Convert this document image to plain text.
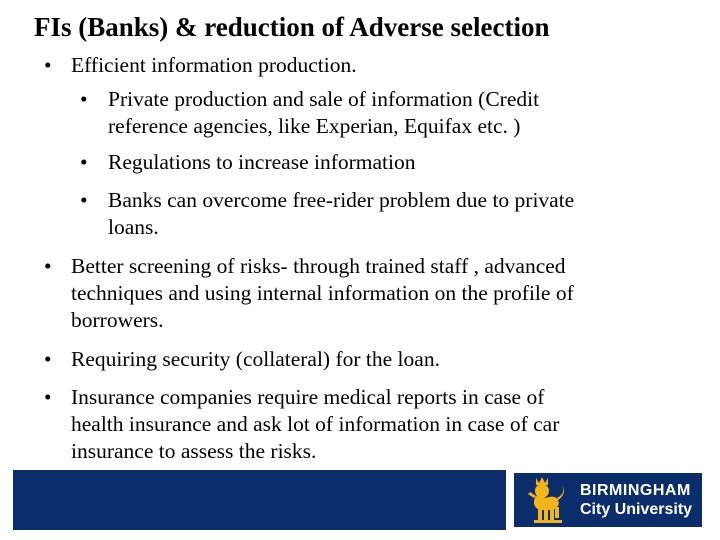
FIs (Banks) & reduction of Adverse selection
• Efficient information production.
• Private production and sale of information (Credit
reference agencies, like Experian, Equifax etc. )
• Regulations to increase information
• Banks can overcome free-rider problem due to private
loans.
• Better screening of risks- through trained staff , advanced
techniques and using internal information on the profile of
borrowers.
• Requiring security (collateral) for the loan.
• Insurance companies require medical reports in case of
health insurance and ask lot of information in case of car
insurance to assess the risks.
BIRMINGHAM
City University
